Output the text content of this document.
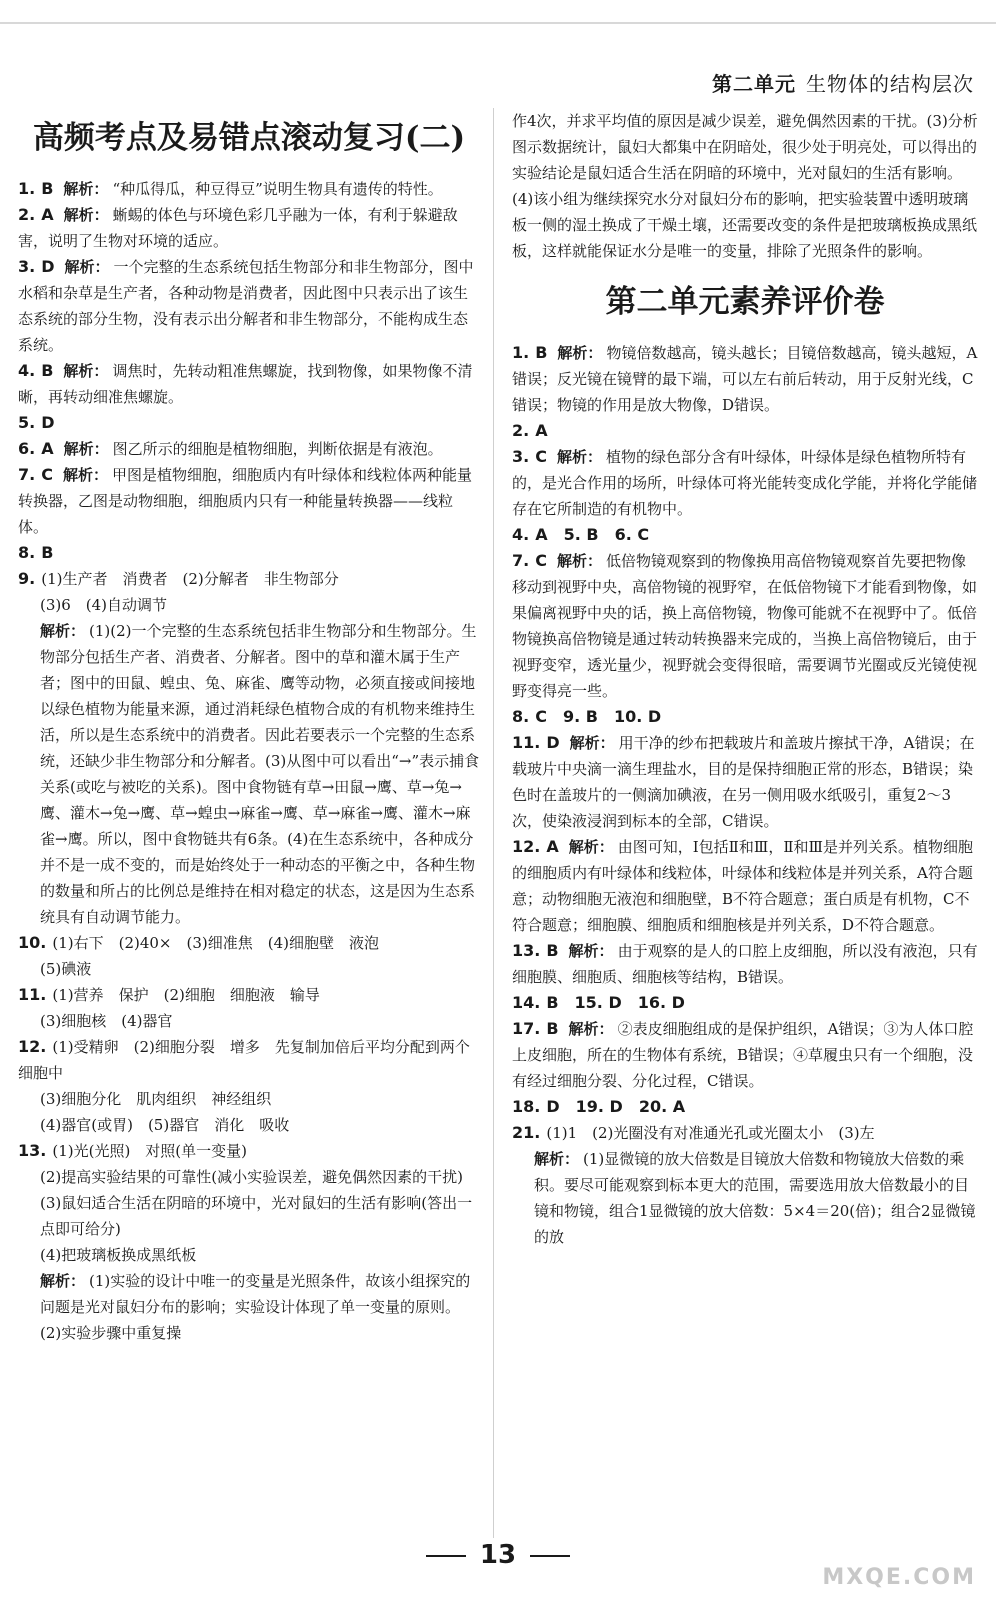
第二单元 生物体的结构层次
高频考点及易错点滚动复习(二)
1. B 解析： “种瓜得瓜，种豆得豆”说明生物具有遗传的特性。
2. A 解析： 蜥蜴的体色与环境色彩几乎融为一体，有利于躲避敌害，说明了生物对环境的适应。
3. D 解析： 一个完整的生态系统包括生物部分和非生物部分，图中水稻和杂草是生产者，各种动物是消费者，因此图中只表示出了该生态系统的部分生物，没有表示出分解者和非生物部分，不能构成生态系统。
4. B 解析： 调焦时，先转动粗准焦螺旋，找到物像，如果物像不清晰，再转动细准焦螺旋。
5. D
6. A 解析： 图乙所示的细胞是植物细胞，判断依据是有液泡。
7. C 解析： 甲图是植物细胞，细胞质内有叶绿体和线粒体两种能量转换器，乙图是动物细胞，细胞质内只有一种能量转换器——线粒体。
8. B
9. (1)生产者　消费者　(2)分解者　非生物部分
(3)6　(4)自动调节
解析： (1)(2)一个完整的生态系统包括非生物部分和生物部分。生物部分包括生产者、消费者、分解者。图中的草和灌木属于生产者；图中的田鼠、蝗虫、兔、麻雀、鹰等动物，必须直接或间接地以绿色植物为能量来源，通过消耗绿色植物合成的有机物来维持生活，所以是生态系统中的消费者。因此若要表示一个完整的生态系统，还缺少非生物部分和分解者。(3)从图中可以看出“→”表示捕食关系(或吃与被吃的关系)。图中食物链有草→田鼠→鹰、草→兔→鹰、灌木→兔→鹰、草→蝗虫→麻雀→鹰、草→麻雀→鹰、灌木→麻雀→鹰。所以，图中食物链共有6条。(4)在生态系统中，各种成分并不是一成不变的，而是始终处于一种动态的平衡之中，各种生物的数量和所占的比例总是维持在相对稳定的状态，这是因为生态系统具有自动调节能力。
10. (1)右下　(2)40×　(3)细准焦　(4)细胞壁　液泡
(5)碘液
11. (1)营养　保护　(2)细胞　细胞液　输导
(3)细胞核　(4)器官
12. (1)受精卵　(2)细胞分裂　增多　先复制加倍后平均分配到两个细胞中
(3)细胞分化　肌肉组织　神经组织
(4)器官(或胃)　(5)器官　消化　吸收
13. (1)光(光照)　对照(单一变量)
(2)提高实验结果的可靠性(减小实验误差，避免偶然因素的干扰)
(3)鼠妇适合生活在阴暗的环境中，光对鼠妇的生活有影响(答出一点即可给分)
(4)把玻璃板换成黑纸板
解析： (1)实验的设计中唯一的变量是光照条件，故该小组探究的问题是光对鼠妇分布的影响；实验设计体现了单一变量的原则。(2)实验步骤中重复操
作4次，并求平均值的原因是减少误差，避免偶然因素的干扰。(3)分析图示数据统计，鼠妇大都集中在阴暗处，很少处于明亮处，可以得出的实验结论是鼠妇适合生活在阴暗的环境中，光对鼠妇的生活有影响。(4)该小组为继续探究水分对鼠妇分布的影响，把实验装置中透明玻璃板一侧的湿土换成了干燥土壤，还需要改变的条件是把玻璃板换成黑纸板，这样就能保证水分是唯一的变量，排除了光照条件的影响。
第二单元素养评价卷
1. B 解析： 物镜倍数越高，镜头越长；目镜倍数越高，镜头越短，A错误；反光镜在镜臂的最下端，可以左右前后转动，用于反射光线，C错误；物镜的作用是放大物像，D错误。
2. A
3. C 解析： 植物的绿色部分含有叶绿体，叶绿体是绿色植物所特有的，是光合作用的场所，叶绿体可将光能转变成化学能，并将化学能储存在它所制造的有机物中。
4. A　5. B　6. C
7. C 解析： 低倍物镜观察到的物像换用高倍物镜观察首先要把物像移动到视野中央，高倍物镜的视野窄，在低倍物镜下才能看到物像，如果偏离视野中央的话，换上高倍物镜，物像可能就不在视野中了。低倍物镜换高倍物镜是通过转动转换器来完成的，当换上高倍物镜后，由于视野变窄，透光量少，视野就会变得很暗，需要调节光圈或反光镜使视野变得亮一些。
8. C　9. B　10. D
11. D 解析： 用干净的纱布把载玻片和盖玻片擦拭干净，A错误；在载玻片中央滴一滴生理盐水，目的是保持细胞正常的形态，B错误；染色时在盖玻片的一侧滴加碘液，在另一侧用吸水纸吸引，重复2～3次，使染液浸润到标本的全部，C错误。
12. A 解析： 由图可知，Ⅰ包括Ⅱ和Ⅲ，Ⅱ和Ⅲ是并列关系。植物细胞的细胞质内有叶绿体和线粒体，叶绿体和线粒体是并列关系，A符合题意；动物细胞无液泡和细胞壁，B不符合题意；蛋白质是有机物，C不符合题意；细胞膜、细胞质和细胞核是并列关系，D不符合题意。
13. B 解析： 由于观察的是人的口腔上皮细胞，所以没有液泡，只有细胞膜、细胞质、细胞核等结构，B错误。
14. B　15. D　16. D
17. B 解析： ②表皮细胞组成的是保护组织，A错误；③为人体口腔上皮细胞，所在的生物体有系统，B错误；④草履虫只有一个细胞，没有经过细胞分裂、分化过程，C错误。
18. D　19. D　20. A
21. (1)1　(2)光圈没有对准通光孔或光圈太小　(3)左
解析： (1)显微镜的放大倍数是目镜放大倍数和物镜放大倍数的乘积。要尽可能观察到标本更大的范围，需要选用放大倍数最小的目镜和物镜，组合1显微镜的放大倍数：5×4＝20(倍)；组合2显微镜的放
13
MXQE.COM
